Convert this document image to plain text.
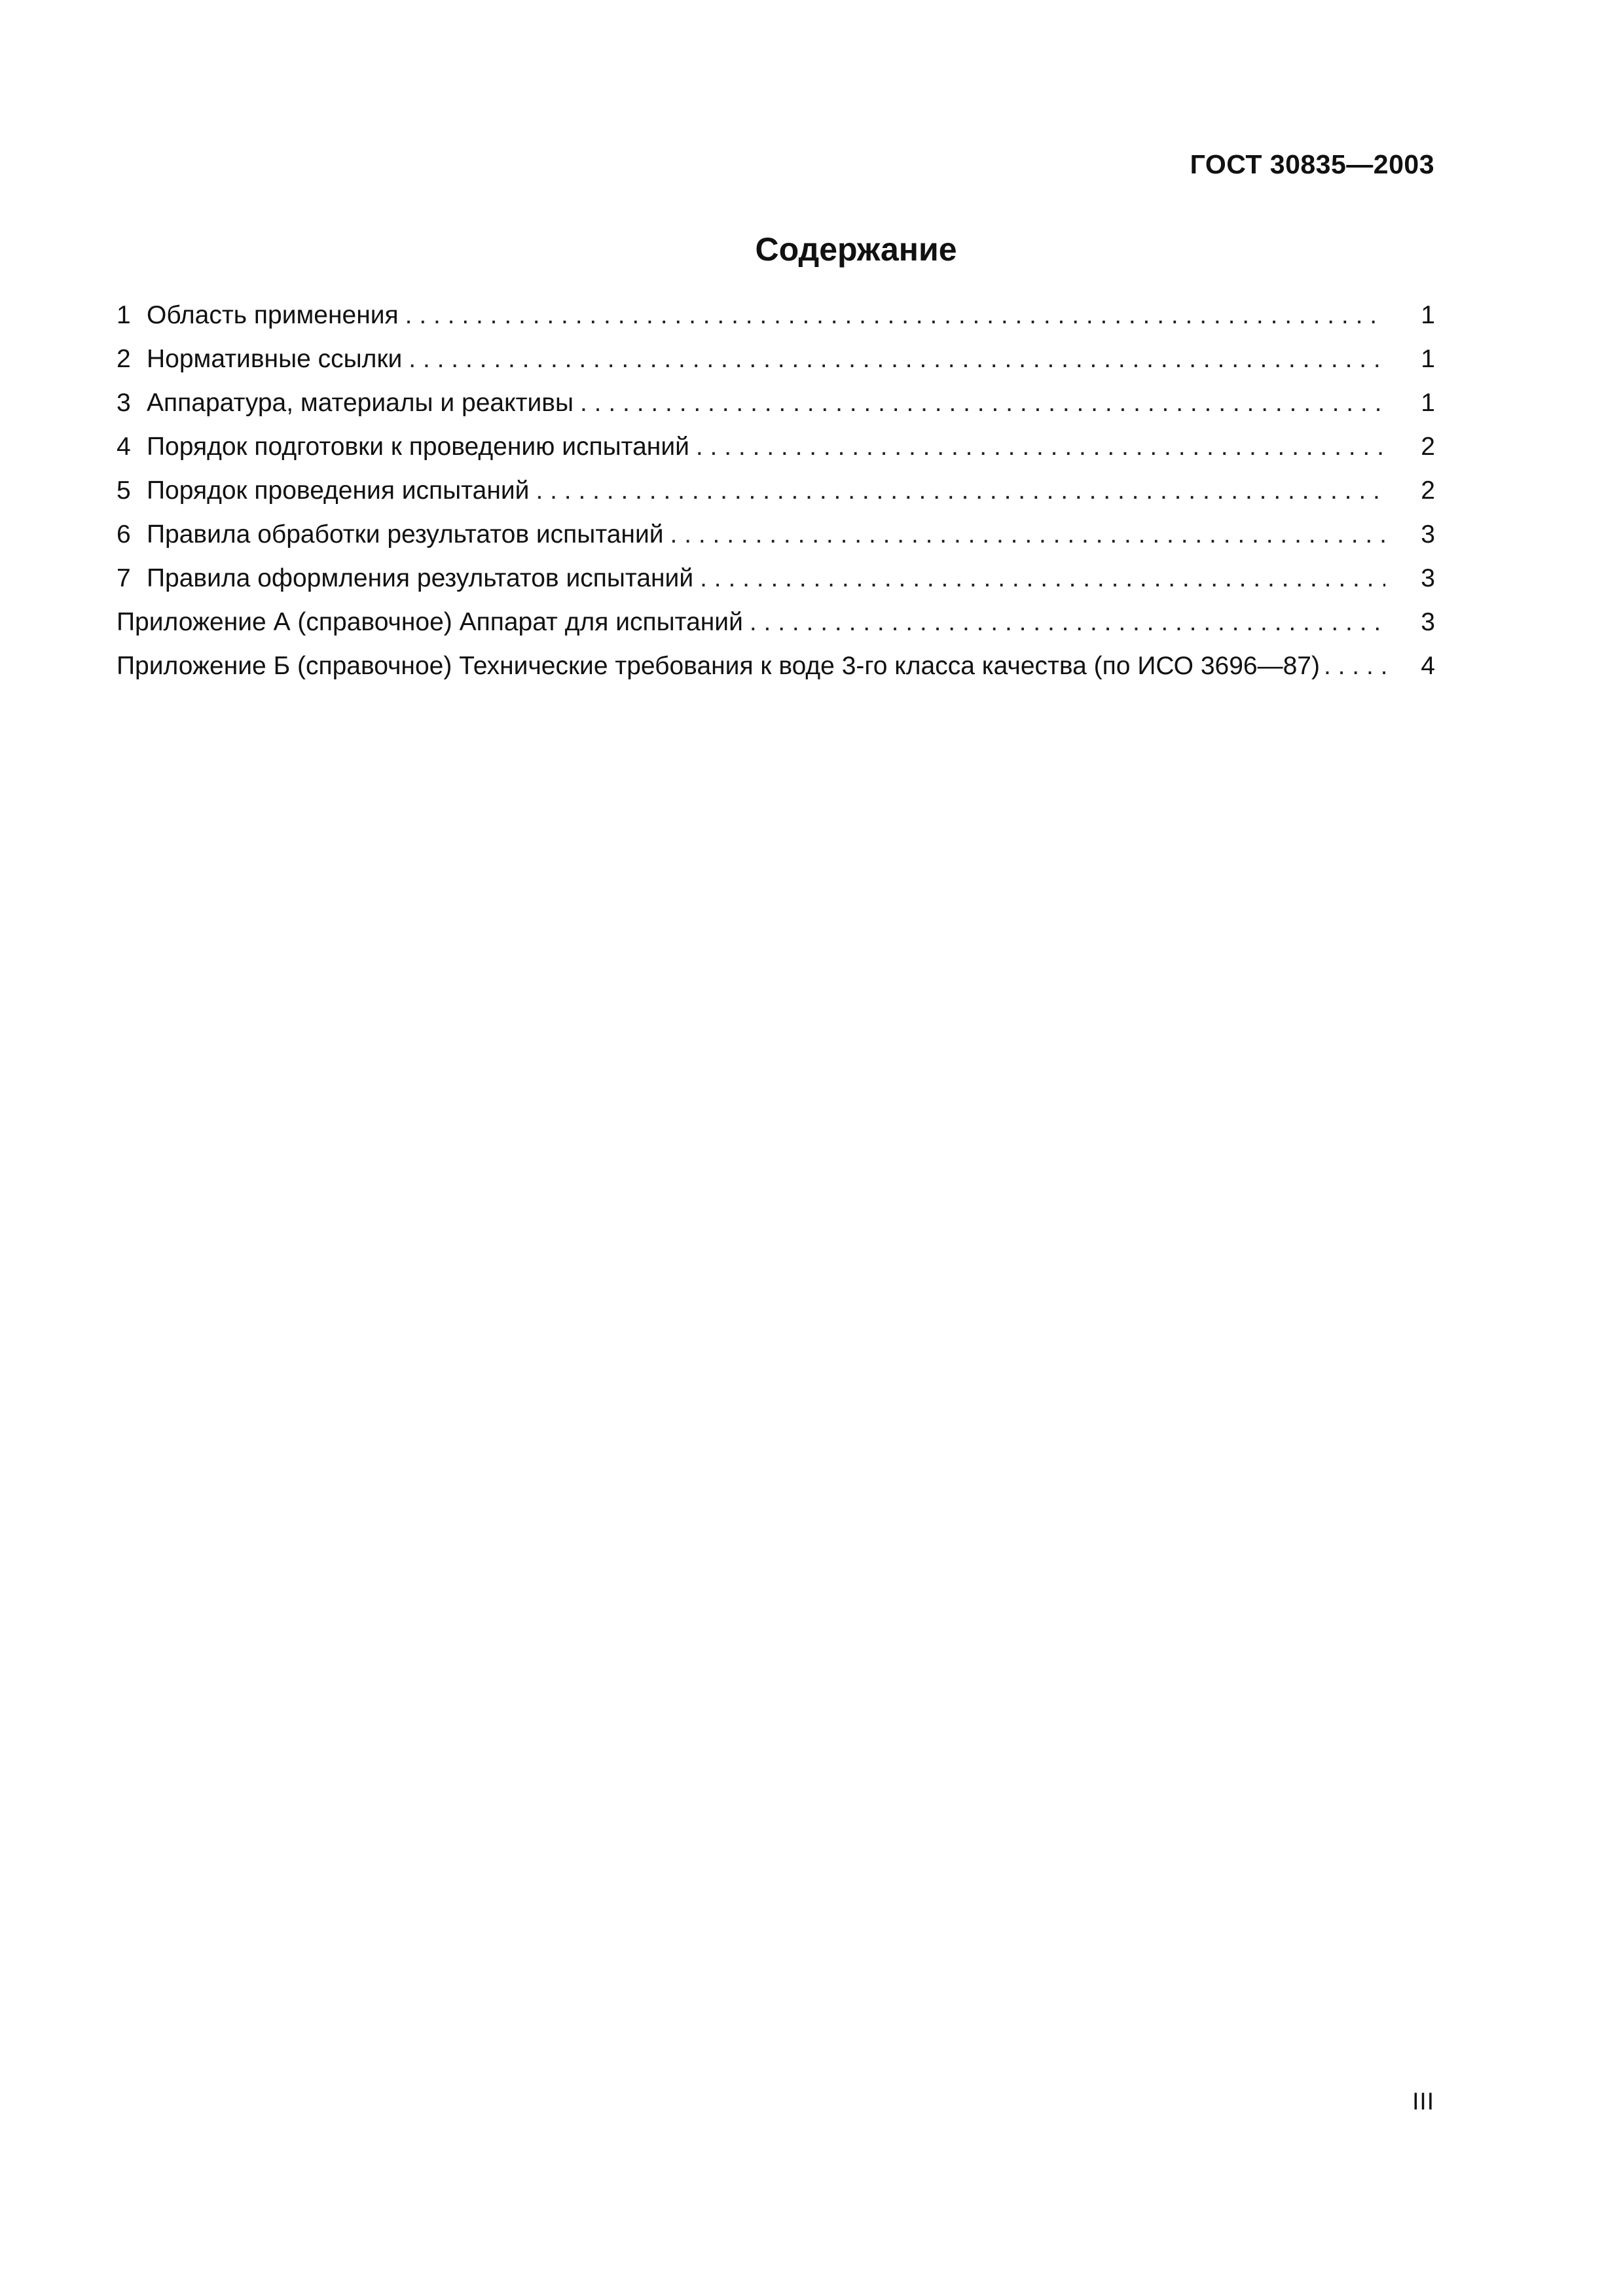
ГОСТ 30835—2003
Содержание
1 Область применения . . .	1
2 Нормативные ссылки . . .	1
3 Аппаратура, материалы и реактивы . . .	1
4 Порядок подготовки к проведению испытаний . . .	2
5 Порядок проведения испытаний . . .	2
6 Правила обработки результатов испытаний . . .	3
7 Правила оформления результатов испытаний . . .	3
Приложение А (справочное) Аппарат для испытаний . . .	3
Приложение Б (справочное) Технические требования к воде 3-го класса качества (по ИСО 3696—87) . . .	4
III
